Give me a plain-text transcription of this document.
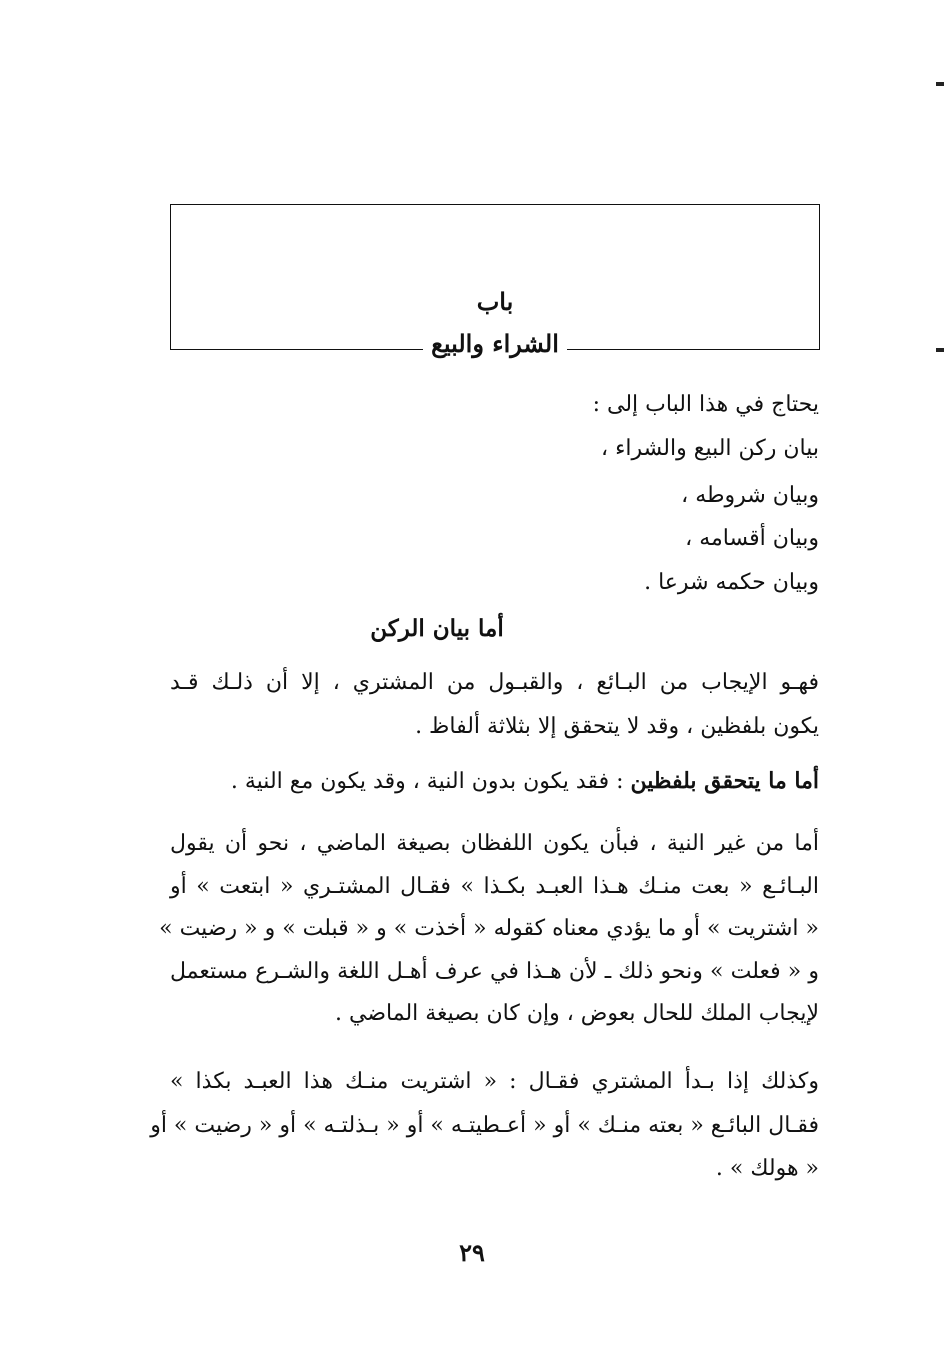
باب
الشراء والبيع
يحتاج في هذا الباب إلى :
بيان ركن البيع والشراء ،
وبيان شروطه ،
وبيان أقسامه ،
وبيان حكمه شرعا .
أما بيان الركن
فهـو الإيجاب من البـائع ، والقبـول من المشتري ، إلا أن ذلـك قـد
يكون بلفظين ، وقد لا يتحقق إلا بثلاثة ألفاظ .
أما ما يتحقق بلفظين : فقد يكون بدون النية ، وقد يكون مع النية .
أما من غير النية ، فبأن يكون اللفظان بصيغة الماضي ، نحو أن يقول
البـائـع « بعت منـك هـذا العبـد بكـذا » فقـال المشتـري « ابتعت » أو
« اشتريت » أو ما يؤدي معناه كقوله « أخذت » و « قبلت » و « رضيت »
و « فعلت » ونحو ذلك ـ لأن هـذا في عرف أهـل اللغة والشـرع مستعمل
لإيجاب الملك للحال بعوض ، وإن كان بصيغة الماضي .
وكذلك إذا بـدأ المشتري فقـال : « اشتريت منـك هذا العبـد بكذا »
فقـال البائـع « بعته منـك » أو « أعـطيتـه » أو « بـذلتـه » أو « رضيت » أو
« هولك » .
٢٩
